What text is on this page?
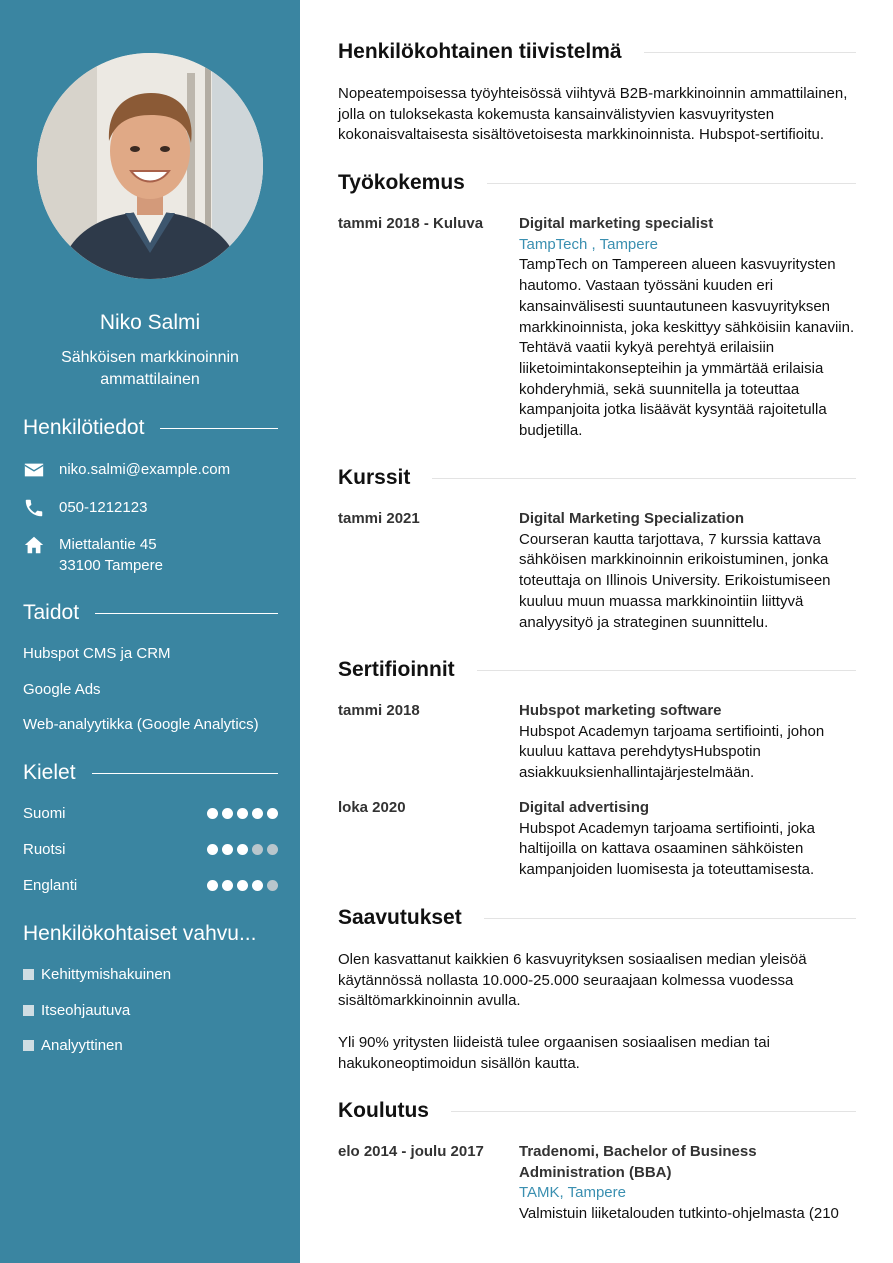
Niko Salmi
Sähköisen markkinoinnin ammattilainen
Henkilötiedot
niko.salmi@example.com
050-1212123
Miettalantie 45
33100 Tampere
Taidot
Hubspot CMS ja CRM
Google Ads
Web-analyytikka (Google Analytics)
Kielet
Suomi
Ruotsi
Englanti
Henkilökohtaiset vahvu...
Kehittymishakuinen
Itseohjautuva
Analyyttinen
Henkilökohtainen tiivistelmä

Nopeatempoisessa työyhteisössä viihtyvä B2B-markkinoinnin ammattilainen, jolla on tuloksekasta kokemusta kansainvälistyvien kasvuyritysten kokonaisvaltaisesta sisältövetoisesta markkinoinnista. Hubspot-sertifioitu.

Työkokemus
tammi 2018 - Kuluva	Digital marketing specialist
TampTech , Tampere
TampTech on Tampereen alueen kasvuyritysten hautomo. Vastaan työssäni kuuden eri kansainvälisesti suuntautuneen kasvuyrityksen markkinoinnista, joka keskittyy sähköisiin kanaviin. Tehtävä vaatii kykyä perehtyä erilaisiin liiketoimintakonsepteihin ja ymmärtää erilaisia kohderyhmiä, sekä suunnitella ja toteuttaa kampanjoita jotka lisäävät kysyntää rajoitetulla budjetilla.
Kurssit
tammi 2021	Digital Marketing Specialization
Courseran kautta tarjottava, 7 kurssia kattava sähköisen markkinoinnin erikoistuminen, jonka toteuttaja on Illinois University. Erikoistumiseen kuuluu muun muassa markkinointiin liittyvä analyysityö ja strateginen suunnittelu.
Sertifioinnit
tammi 2018	Hubspot marketing software
Hubspot Academyn tarjoama sertifiointi, johon kuuluu kattava perehdytysHubspotin asiakkuuksienhallintajärjestelmään.
loka 2020	Digital advertising
Hubspot Academyn tarjoama sertifiointi, joka haltijoilla on kattava osaaminen sähköisten kampanjoiden luomisesta ja toteuttamisesta.
Saavutukset

Olen kasvattanut kaikkien 6 kasvuyrityksen sosiaalisen median yleisöä käytännössä nollasta 10.000-25.000 seuraajaan kolmessa vuodessa sisältömarkkinoinnin avulla.

Yli 90% yritysten liideistä tulee orgaanisen sosiaalisen median tai hakukoneoptimoidun sisällön kautta.

Koulutus
elo 2014 - joulu 2017	Tradenomi, Bachelor of Business Administration (BBA)
TAMK, Tampere
Valmistuin liiketalouden tutkinto-ohjelmasta (210
